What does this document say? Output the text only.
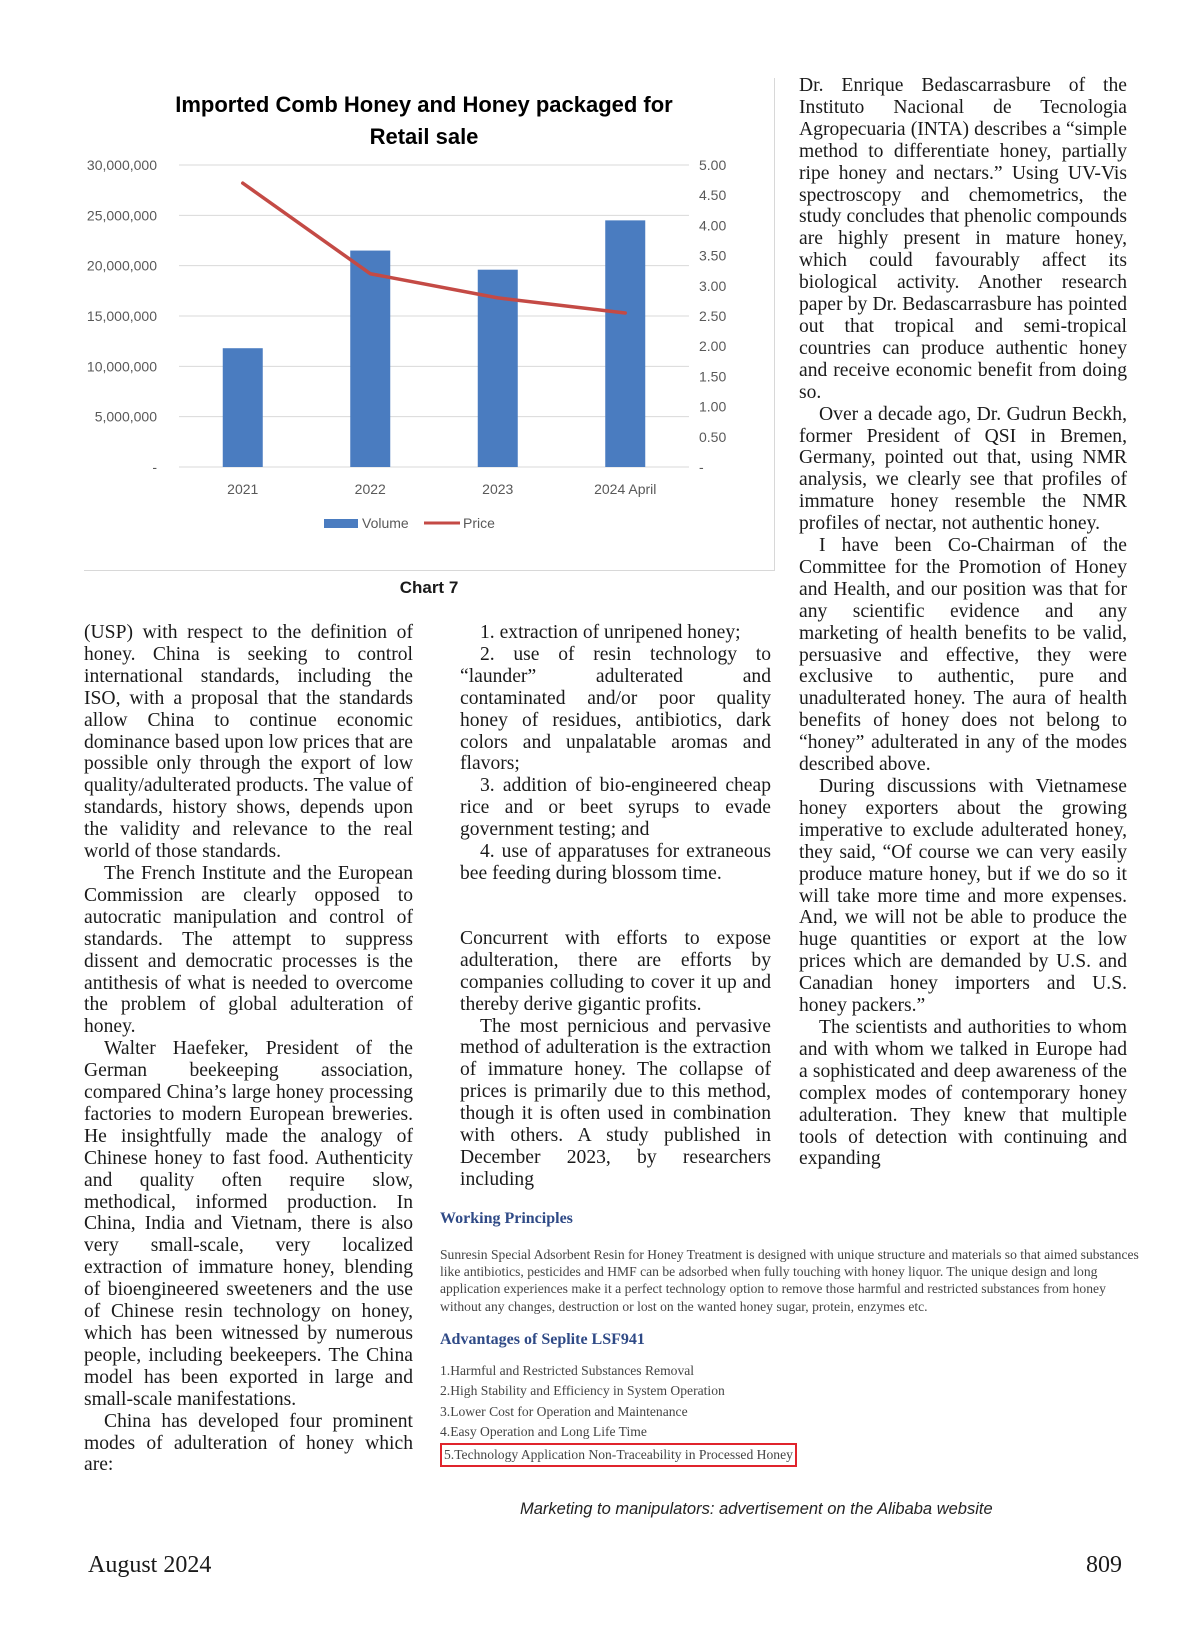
Imported Comb Honey and Honey packaged for
Retail sale
-
5,000,000
10,000,000
15,000,000
20,000,000
25,000,000
30,000,000
-
0.50
1.00
1.50
2.00
2.50
3.00
3.50
4.00
4.50
5.00
2021	2022	2023	2024 April
Volume	Price
Chart 7

(USP) with respect to the definition of honey. China is seeking to control international standards, including the ISO, with a proposal that the standards allow China to continue economic dominance based upon low prices that are possible only through the export of low quality/adulterated products. The value of standards, history shows, depends upon the validity and relevance to the real world of those standards.

The French Institute and the European Commission are clearly opposed to autocratic manipulation and control of standards. The attempt to suppress dissent and democratic processes is the antithesis of what is needed to overcome the problem of global adulteration of honey.

Walter Haefeker, President of the German beekeeping association, compared China’s large honey processing factories to modern European breweries. He insightfully made the analogy of Chinese honey to fast food. Authenticity and quality often require slow, methodical, informed production. In China, India and Vietnam, there is also very small-scale, very localized extraction of immature honey, blending of bioengineered sweeteners and the use of Chinese resin technology on honey, which has been witnessed by numerous people, including beekeepers. The China model has been exported in large and small-scale manifestations.

China has developed four prominent modes of adulteration of honey which are:

1. extraction of unripened honey;

2. use of resin technology to “launder” adulterated and contaminated and/or poor quality honey of residues, antibiotics, dark colors and unpalatable aromas and flavors;

3. addition of bio-engineered cheap rice and or beet syrups to evade government testing; and

4. use of apparatuses for extraneous bee feeding during blossom time.

Concurrent with efforts to expose adulteration, there are efforts by companies colluding to cover it up and thereby derive gigantic profits.

The most pernicious and pervasive method of adulteration is the extraction of immature honey. The collapse of prices is primarily due to this method, though it is often used in combination with others. A study published in December 2023, by researchers including

Dr. Enrique Bedascarrasbure of the Instituto Nacional de Tecnologia Agropecuaria (INTA) describes a “simple method to differentiate honey, partially ripe honey and nectars.” Using UV-Vis spectroscopy and chemometrics, the study concludes that phenolic compounds are highly present in mature honey, which could favourably affect its biological activity. Another research paper by Dr. Bedascarrasbure has pointed out that tropical and semi-tropical countries can produce authentic honey and receive economic benefit from doing so.

Over a decade ago, Dr. Gudrun Beckh, former President of QSI in Bremen, Germany, pointed out that, using NMR analysis, we clearly see that profiles of immature honey resemble the NMR profiles of nectar, not authentic honey.

I have been Co-Chairman of the Committee for the Promotion of Honey and Health, and our position was that for any scientific evidence and any marketing of health benefits to be valid, persuasive and effective, they were exclusive to authentic, pure and unadulterated honey. The aura of health benefits of honey does not belong to “honey” adulterated in any of the modes described above.

During discussions with Vietnamese honey exporters about the growing imperative to exclude adulterated honey, they said, “Of course we can very easily produce mature honey, but if we do so it will take more time and more expenses. And, we will not be able to produce the huge quantities or export at the low prices which are demanded by U.S. and Canadian honey importers and U.S. honey packers.”

The scientists and authorities to whom and with whom we talked in Europe had a sophisticated and deep awareness of the complex modes of contemporary honey adulteration. They knew that multiple tools of detection with continuing and expanding

Working Principles
Sunresin Special Adsorbent Resin for Honey Treatment is designed with unique structure and materials so that aimed substances like antibiotics, pesticides and HMF can be adsorbed when fully touching with honey liquor. The unique design and long application experiences make it a perfect technology option to remove those harmful and restricted substances from honey without any changes, destruction or lost on the wanted honey sugar, protein, enzymes etc.
Advantages of Seplite LSF941
1.Harmful and Restricted Substances Removal
2.High Stability and Efficiency in System Operation
3.Lower Cost for Operation and Maintenance
4.Easy Operation and Long Life Time
5.Technology Application Non-Traceability in Processed Honey
Marketing to manipulators: advertisement on the Alibaba website
August 2024	809
